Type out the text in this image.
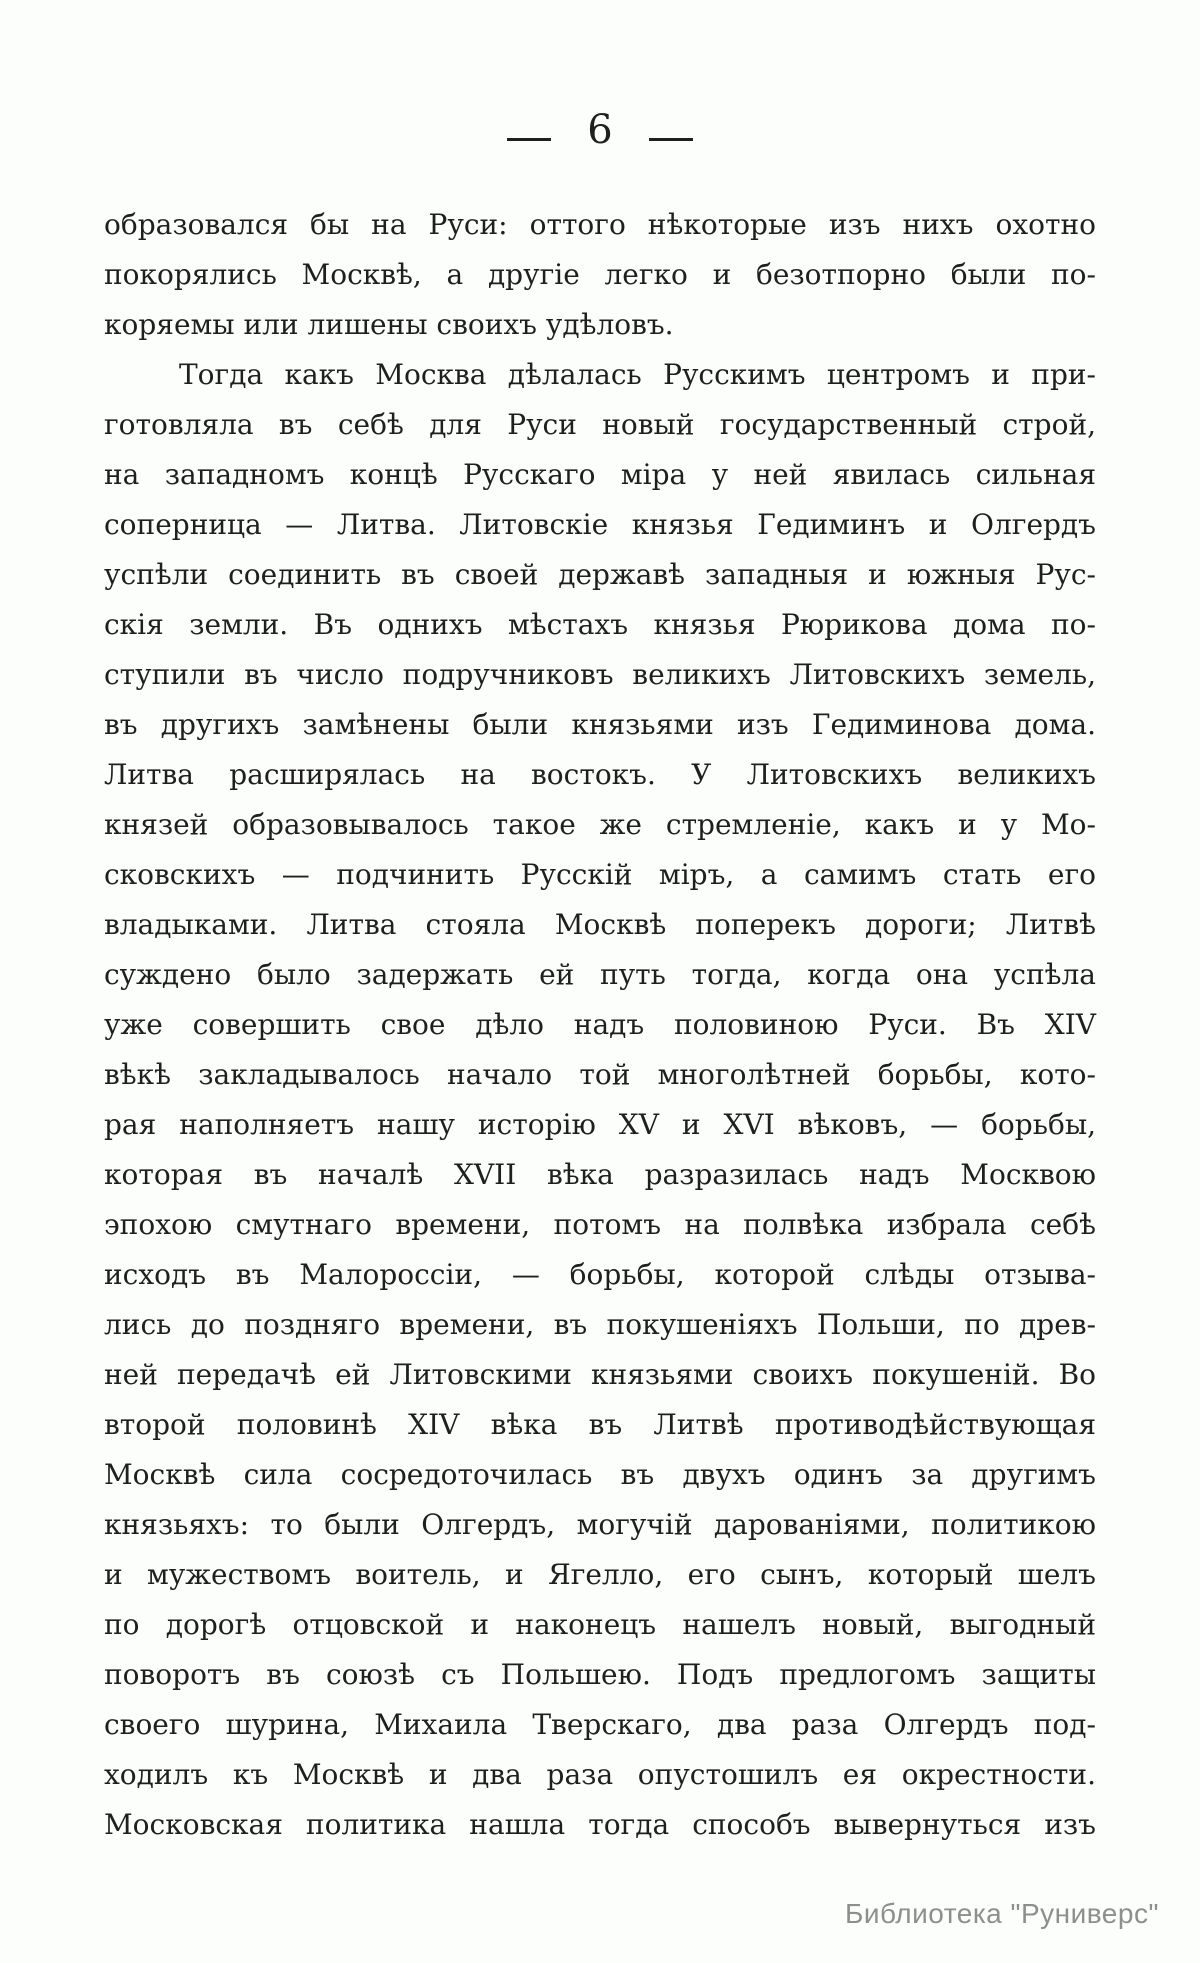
6
образовался бы на Руси: оттого нѣкоторые изъ нихъ охотно
покорялись Москвѣ, а другіе легко и безотпорно были по-
коряемы или лишены своихъ удѣловъ.
Тогда какъ Москва дѣлалась Русскимъ центромъ и при-
готовляла въ себѣ для Руси новый государственный строй,
на западномъ концѣ Русскаго міра у ней явилась сильная
соперница — Литва. Литовскіе князья Гедиминъ и Олгердъ
успѣли соединить въ своей державѣ западныя и южныя Рус-
скія земли. Въ однихъ мѣстахъ князья Рюрикова дома по-
ступили въ число подручниковъ великихъ Литовскихъ земель,
въ другихъ замѣнены были князьями изъ Гедиминова дома.
Литва расширялась на востокъ. У Литовскихъ великихъ
князей образовывалось такое же стремленіе, какъ и у Мо-
сковскихъ — подчинить Русскій міръ, а самимъ стать его
владыками. Литва стояла Москвѣ поперекъ дороги; Литвѣ
суждено было задержать ей путь тогда, когда она успѣла
уже совершить свое дѣло надъ половиною Руси. Въ XIV
вѣкѣ закладывалось начало той многолѣтней борьбы, кото-
рая наполняетъ нашу исторію XV и XVI вѣковъ, — борьбы,
которая въ началѣ XVII вѣка разразилась надъ Москвою
эпохою смутнаго времени, потомъ на полвѣка избрала себѣ
исходъ въ Малороссіи, — борьбы, которой слѣды отзыва-
лись до поздняго времени, въ покушеніяхъ Польши, по древ-
ней передачѣ ей Литовскими князьями своихъ покушеній. Во
второй половинѣ XIV вѣка въ Литвѣ противодѣйствующая
Москвѣ сила сосредоточилась въ двухъ одинъ за другимъ
князьяхъ: то были Олгердъ, могучій дарованіями, политикою
и мужествомъ воитель, и Ягелло, его сынъ, который шелъ
по дорогѣ отцовской и наконецъ нашелъ новый, выгодный
поворотъ въ союзѣ съ Польшею. Подъ предлогомъ защиты
своего шурина, Михаила Тверскаго, два раза Олгердъ под-
ходилъ къ Москвѣ и два раза опустошилъ ея окрестности.
Московская политика нашла тогда способъ вывернуться изъ
Библиотека "Руниверс"
